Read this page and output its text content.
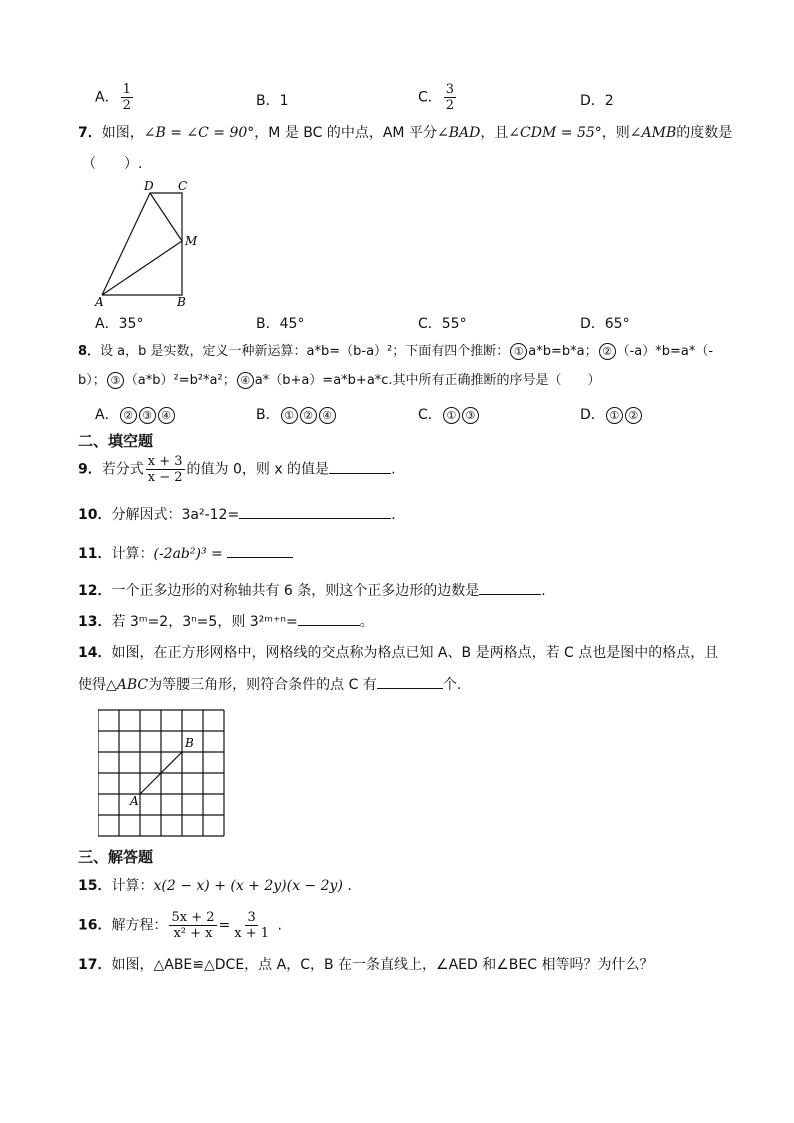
A． $\frac{1}{2}$	B．1	C． $\frac{3}{2}$	D．2
7．如图，∠B = ∠C = 90°，M 是 BC 的中点，AM 平分∠BAD，且∠CDM = 55°，则∠AMB的度数是
（　　）.
D C
M
A	B
A．35°	B．45°	C．55°	D．65°
8．设 a，b 是实数，定义一种新运算：a*b=（b-a）²；下面有四个推断： ① a*b=b*a； ② （-a）*b=a*（-
b）； ③ （a*b）²=b²*a²； ④ a*（b+a）=a*b+a*c.其中所有正确推断的序号是（　　）
A． ② ③ ④	B． ① ② ④	C． ① ③	D． ① ②
二、填空题
9．若分式 $\frac{x + 3}{x - 2}$ 的值为 0，则 x 的值是	.
10．分解因式：3a²-12=	.
11．计算：(-2ab²)³ =
12．一个正多边形的对称轴共有 6 条，则这个正多边形的边数是	.
13．若 3ᵐ=2，3ⁿ=5，则 3²ᵐ⁺ⁿ=	。
14．如图，在正方形网格中，网格线的交点称为格点已知 A、B 是两格点，若 C 点也是图中的格点，且
使得△ABC为等腰三角形，则符合条件的点 C 有	个.
A
B
三、解答题
15．计算：x(2 − x) + (x + 2y)(x − 2y) .
16．解方程： $\frac{5x + 2}{\text{x² + x}} = \frac{3}{x + 1}$ .
17．如图，△ABE≌△DCE，点 A，C，B 在一条直线上，∠AED 和∠BEC 相等吗？为什么？
